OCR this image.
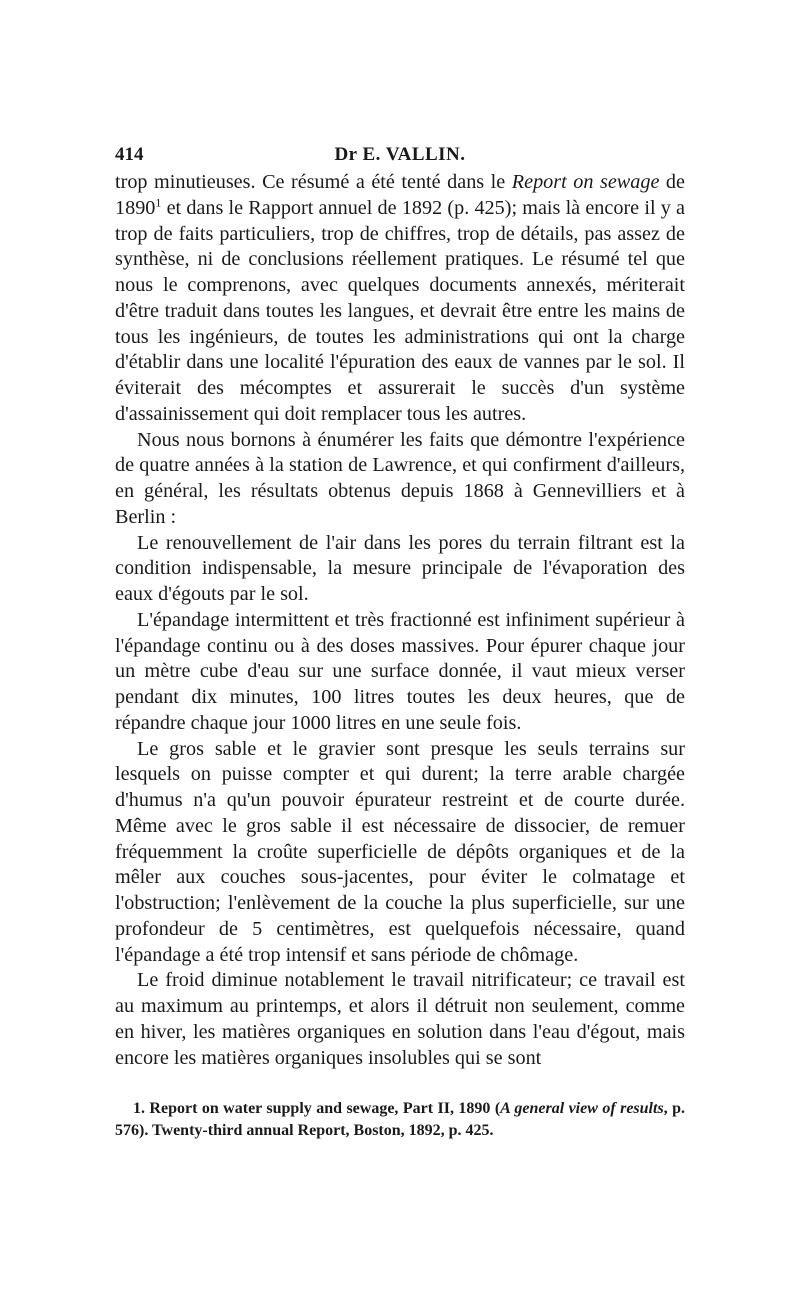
414	Dr E. VALLIN.

trop minutieuses. Ce résumé a été tenté dans le Report on sewage de 1890$^1$ et dans le Rapport annuel de 1892 (p. 425); mais là encore il y a trop de faits particuliers, trop de chiffres, trop de détails, pas assez de synthèse, ni de conclusions réellement pratiques. Le résumé tel que nous le comprenons, avec quelques documents annexés, mériterait d'être traduit dans toutes les langues, et devrait être entre les mains de tous les ingénieurs, de toutes les administrations qui ont la charge d'établir dans une localité l'épuration des eaux de vannes par le sol. Il éviterait des mécomptes et assurerait le succès d'un système d'assainissement qui doit remplacer tous les autres.

Nous nous bornons à énumérer les faits que démontre l'expérience de quatre années à la station de Lawrence, et qui confirment d'ailleurs, en général, les résultats obtenus depuis 1868 à Gennevilliers et à Berlin :

Le renouvellement de l'air dans les pores du terrain filtrant est la condition indispensable, la mesure principale de l'évaporation des eaux d'égouts par le sol.

L'épandage intermittent et très fractionné est infiniment supérieur à l'épandage continu ou à des doses massives. Pour épurer chaque jour un mètre cube d'eau sur une surface donnée, il vaut mieux verser pendant dix minutes, 100 litres toutes les deux heures, que de répandre chaque jour 1000 litres en une seule fois.

Le gros sable et le gravier sont presque les seuls terrains sur lesquels on puisse compter et qui durent; la terre arable chargée d'humus n'a qu'un pouvoir épurateur restreint et de courte durée. Même avec le gros sable il est nécessaire de dissocier, de remuer fréquemment la croûte superficielle de dépôts organiques et de la mêler aux couches sous-jacentes, pour éviter le colmatage et l'obstruction; l'enlèvement de la couche la plus superficielle, sur une profondeur de 5 centimètres, est quelquefois nécessaire, quand l'épandage a été trop intensif et sans période de chômage.

Le froid diminue notablement le travail nitrificateur; ce travail est au maximum au printemps, et alors il détruit non seulement, comme en hiver, les matières organiques en solution dans l'eau d'égout, mais encore les matières organiques insolubles qui se sont

1. Report on water supply and sewage, Part II, 1890 (A general view of results, p. 576). Twenty-third annual Report, Boston, 1892, p. 425.
